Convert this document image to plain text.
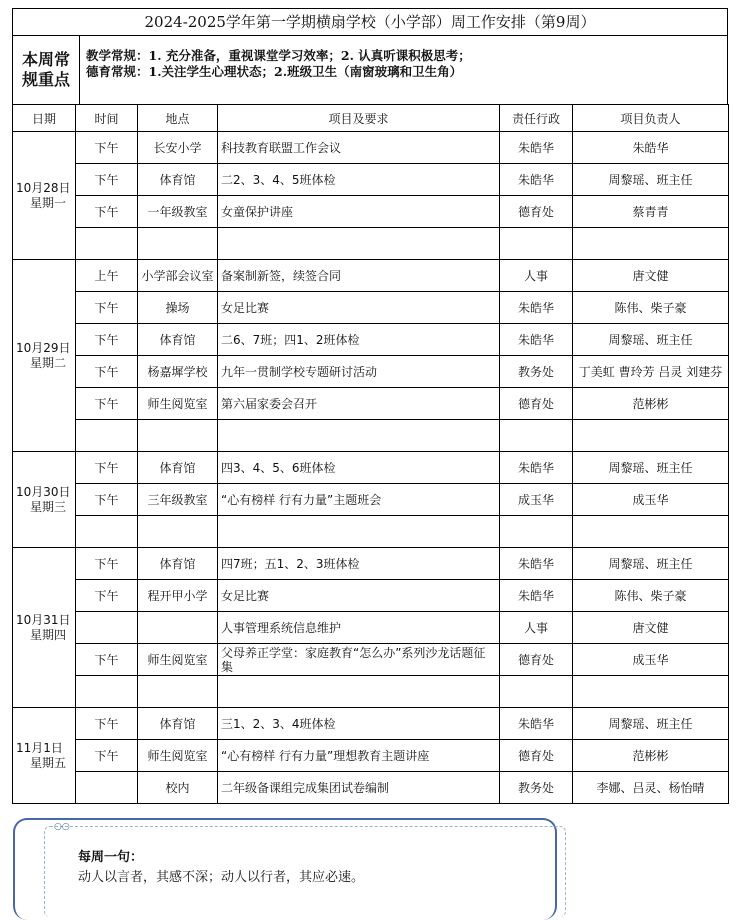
2024-2025学年第一学期横扇学校（小学部）周工作安排（第9周）
本周常规重点
教学常规：1. 充分准备，重视课堂学习效率；2. 认真听课积极思考；
德育常规：1.关注学生心理状态；2.班级卫生（南窗玻璃和卫生角）
日期	时间	地点	项目及要求	责任行政	项目负责人

10月28日
星期一	下午	长安小学	科技教育联盟工作会议	朱皓华	朱皓华
	下午	体育馆	二2、3、4、5班体检	朱皓华	周黎瑶、班主任
	下午	一年级教室	女童保护讲座	德育处	蔡青青

10月29日
星期二	上午	小学部会议室	备案制新签，续签合同	人事	唐文健
	下午	操场	女足比赛	朱皓华	陈伟、柴子豪
	下午	体育馆	二6、7班；四1、2班体检	朱皓华	周黎瑶、班主任
	下午	杨嘉墀学校	九年一贯制学校专题研讨活动	教务处	丁美虹 曹玲芳 吕灵 刘建芬
	下午	师生阅览室	第六届家委会召开	德育处	范彬彬

10月30日
星期三	下午	体育馆	四3、4、5、6班体检	朱皓华	周黎瑶、班主任
	下午	三年级教室	“心有榜样 行有力量”主题班会	成玉华	成玉华

10月31日
星期四	下午	体育馆	四7班；五1、2、3班体检	朱皓华	周黎瑶、班主任
	下午	程开甲小学	女足比赛	朱皓华	陈伟、柴子豪
			人事管理系统信息维护	人事	唐文健
	下午	师生阅览室	父母养正学堂：家庭教育“怎么办”系列沙龙话题征集	德育处	成玉华

11月1日
星期五	下午	体育馆	三1、2、3、4班体检	朱皓华	周黎瑶、班主任
	下午	师生阅览室	“心有榜样 行有力量”理想教育主题讲座	德育处	范彬彬
		校内	二年级备课组完成集团试卷编制	教务处	李娜、吕灵、杨怡晴
○○
每周一句：
动人以言者，其感不深；动人以行者，其应必速。
